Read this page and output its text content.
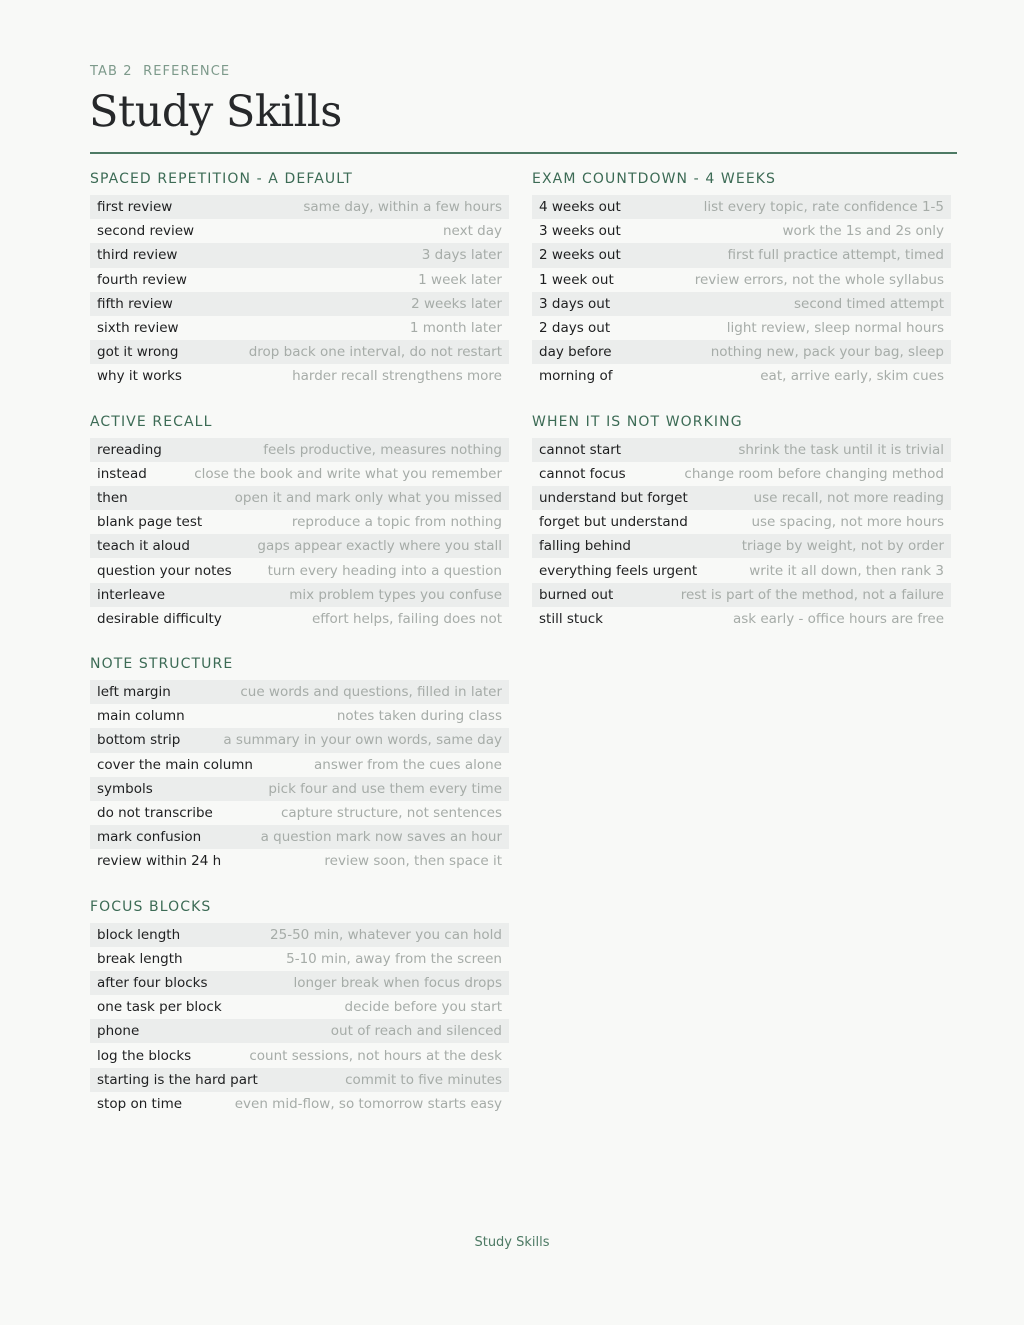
TAB 2  REFERENCE
Study Skills
SPACED REPETITION - A DEFAULT
first review	same day, within a few hours
second review	next day
third review	3 days later
fourth review	1 week later
fifth review	2 weeks later
sixth review	1 month later
got it wrong	drop back one interval, do not restart
why it works	harder recall strengthens more
ACTIVE RECALL
rereading	feels productive, measures nothing
instead	close the book and write what you remember
then	open it and mark only what you missed
blank page test	reproduce a topic from nothing
teach it aloud	gaps appear exactly where you stall
question your notes	turn every heading into a question
interleave	mix problem types you confuse
desirable difficulty	effort helps, failing does not
NOTE STRUCTURE
left margin	cue words and questions, filled in later
main column	notes taken during class
bottom strip	a summary in your own words, same day
cover the main column	answer from the cues alone
symbols	pick four and use them every time
do not transcribe	capture structure, not sentences
mark confusion	a question mark now saves an hour
review within 24 h	review soon, then space it
FOCUS BLOCKS
block length	25-50 min, whatever you can hold
break length	5-10 min, away from the screen
after four blocks	longer break when focus drops
one task per block	decide before you start
phone	out of reach and silenced
log the blocks	count sessions, not hours at the desk
starting is the hard part	commit to five minutes
stop on time	even mid-flow, so tomorrow starts easy
EXAM COUNTDOWN - 4 WEEKS
4 weeks out	list every topic, rate confidence 1-5
3 weeks out	work the 1s and 2s only
2 weeks out	first full practice attempt, timed
1 week out	review errors, not the whole syllabus
3 days out	second timed attempt
2 days out	light review, sleep normal hours
day before	nothing new, pack your bag, sleep
morning of	eat, arrive early, skim cues
WHEN IT IS NOT WORKING
cannot start	shrink the task until it is trivial
cannot focus	change room before changing method
understand but forget	use recall, not more reading
forget but understand	use spacing, not more hours
falling behind	triage by weight, not by order
everything feels urgent	write it all down, then rank 3
burned out	rest is part of the method, not a failure
still stuck	ask early - office hours are free
Study Skills
